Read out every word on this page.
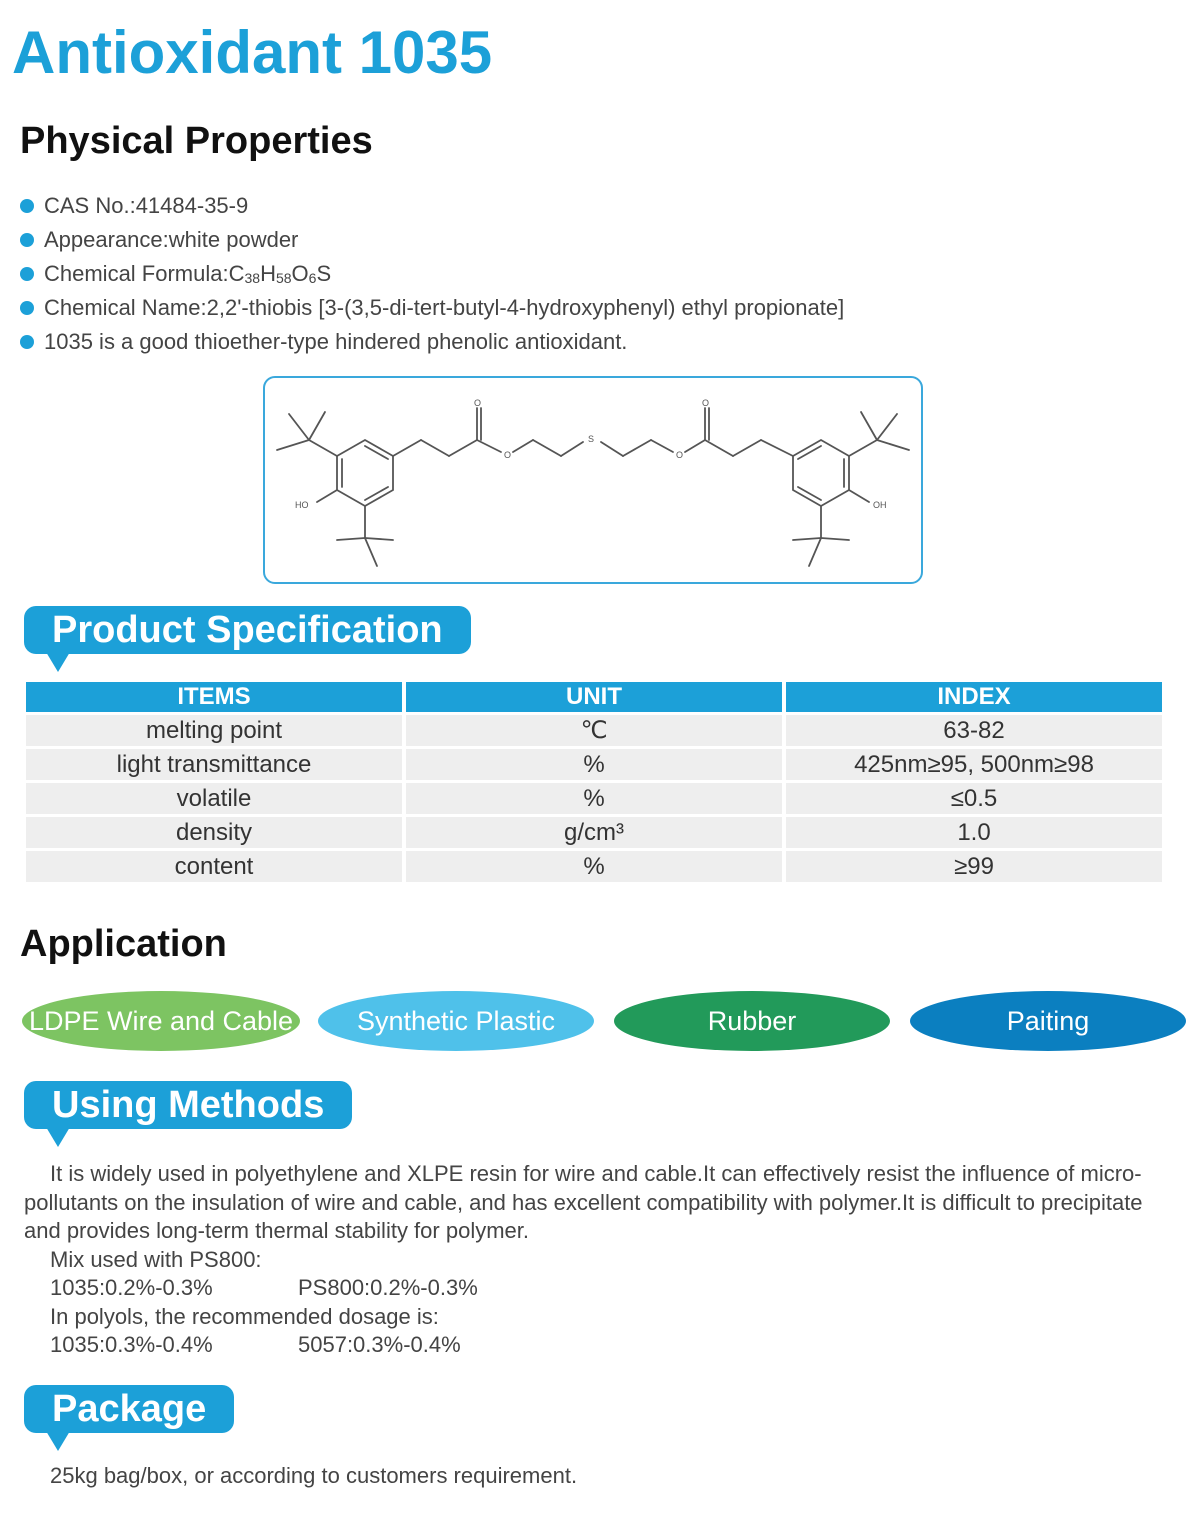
Antioxidant 1035
Physical Properties
CAS No.:41484-35-9
Appearance:white powder
Chemical $Formula:C_{38}H_{58}O_6S$
Chemical Name:2,2'-thiobis [3-(3,5-di-tert-butyl-4-hydroxyphenyl) ethyl propionate]
1035 is a good thioether-type hindered phenolic antioxidant.
O
O
S
O
O
HO	OH
Product Specification
ITEMS	UNIT	INDEX
melting point	℃	63-82
light transmittance	%	425nm≥95, 500nm≥98
volatile	%	≤0.5
density	g/cm³	1.0
content	%	≥99
Application
LDPE Wire and Cable Synthetic Plastic	Rubber	Paiting
Using Methods

It is widely used in polyethylene and XLPE resin for wire and cable.It can effectively resist the influence of micro-pollutants on the insulation of wire and cable, and has excellent compatibility with polymer.It is difficult to precipitate and provides long-term thermal stability for polymer.

Mix used with PS800:

1035:0.2%-0.3%	PS800:0.2%-0.3%

In polyols, the recommended dosage is:

1035:0.3%-0.4%	5057:0.3%-0.4%

Package

25kg bag/box, or according to customers requirement.
